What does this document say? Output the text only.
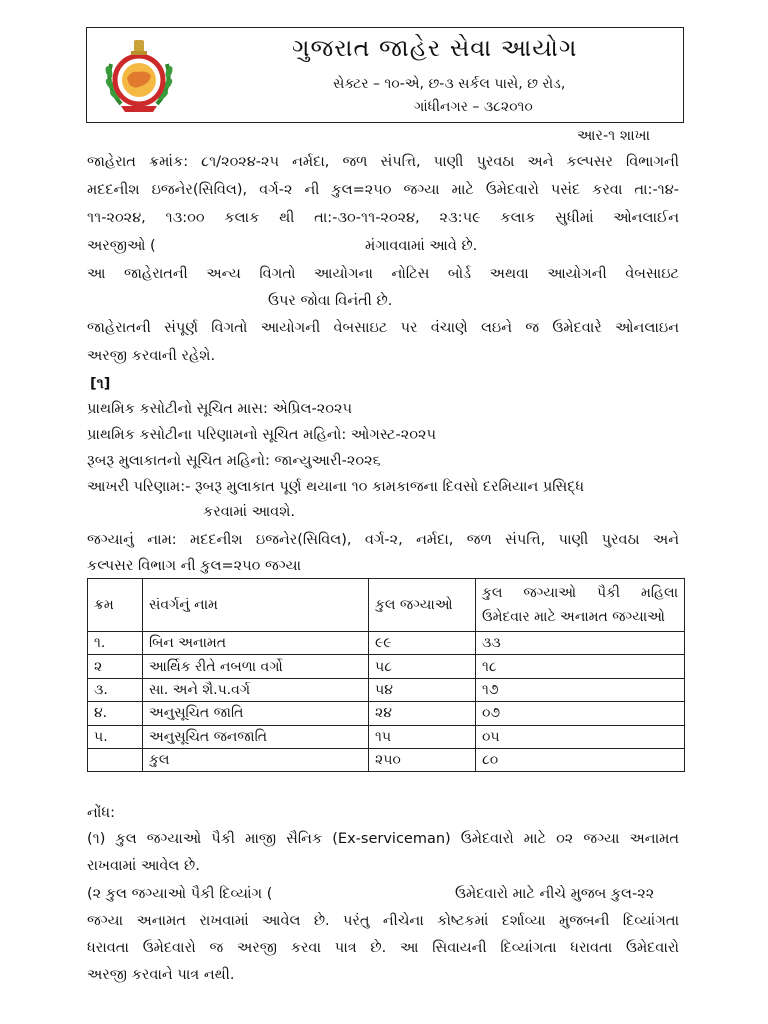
ગુજરાત જાહેર સેવા આયોગ
સેક્ટર – ૧૦-એ, છ-૩ સર્કલ પાસે, છ રોડ,
ગાંધીનગર – ૩૮૨૦૧૦
આર-૧ શાખા
જાહેરાત ક્રમાંક: ૮૧/૨૦૨૪-૨૫ નર્મદા, જળ સંપત્તિ, પાણી પુરવઠા અને કલ્પસર વિભાગની
મદદનીશ ઇજનેર(સિવિલ), વર્ગ-૨ ની કુલ=૨૫૦ જગ્યા માટે ઉમેદવારો પસંદ કરવા તા:-૧૪-
૧૧-૨૦૨૪, ૧૩:૦૦ કલાક થી તા:-૩૦-૧૧-૨૦૨૪, ૨૩:૫૯ કલાક સુધીમાં ઓનલાઈન
અરજીઓ (	મંગાવવામાં આવે છે.
આ જાહેરાતની અન્ય વિગતો આયોગના નોટિસ બોર્ડ અથવા આયોગની વેબસાઇટ
ઉપર જોવા વિનંતી છે.
જાહેરાતની સંપૂર્ણ વિગતો આયોગની વેબસાઇટ પર વંચાણે લઇને જ ઉમેદવારે ઓનલાઇન
અરજી કરવાની રહેશે.
[૧]
પ્રાથમિક કસોટીનો સૂચિત માસ: એપ્રિલ-૨૦૨૫
પ્રાથમિક કસોટીના પરિણામનો સૂચિત મહિનો: ઓગસ્ટ-૨૦૨૫
રૂબરૂ મુલાકાતનો સૂચિત મહિનો: જાન્યુઆરી-૨૦૨૬
આખરી પરિણામ:- રૂબરૂ મુલાકાત પૂર્ણ થયાના ૧૦ કામકાજના દિવસો દરમિયાન પ્રસિદ્ધ
કરવામાં આવશે.
જગ્યાનું નામ: મદદનીશ ઇજનેર(સિવિલ), વર્ગ-૨, નર્મદા, જળ સંપત્તિ, પાણી પુરવઠા અને
કલ્પસર વિભાગ ની કુલ=૨૫૦ જગ્યા
ક્રમ	સંવર્ગનું નામ	કુલ જગ્યાઓ	કુલ જગ્યાઓ પૈકી મહિલા
ઉમેદવાર માટે અનામત જગ્યાઓ

૧.	બિન અનામત	૯૯	૩૩
૨	આર્થિક રીતે નબળા વર્ગો	૫૮	૧૮
૩.	સા. અને શૈ.પ.વર્ગ	૫૪	૧૭
૪.	અનુસૂચિત જાતિ	૨૪	૦૭
૫.	અનુસૂચિત જનજાતિ	૧૫	૦૫
	કુલ	૨૫૦	૮૦
નોંધ:
(૧) કુલ જગ્યાઓ પૈકી માજી સૈનિક (Ex-serviceman) ઉમેદવારો માટે ૦૨ જગ્યા અનામત
રાખવામાં આવેલ છે.
(૨ કુલ જગ્યાઓ પૈકી દિવ્યાંગ (	ઉમેદવારો માટે નીચે મુજબ કુલ-૨૨
જગ્યા અનામત રાખવામાં આવેલ છે. પરંતુ નીચેના કોષ્ટકમાં દર્શાવ્યા મુજબની દિવ્યાંગતા
ધરાવતા ઉમેદવારો જ અરજી કરવા પાત્ર છે. આ સિવાયની દિવ્યાંગતા ધરાવતા ઉમેદવારો
અરજી કરવાને પાત્ર નથી.
